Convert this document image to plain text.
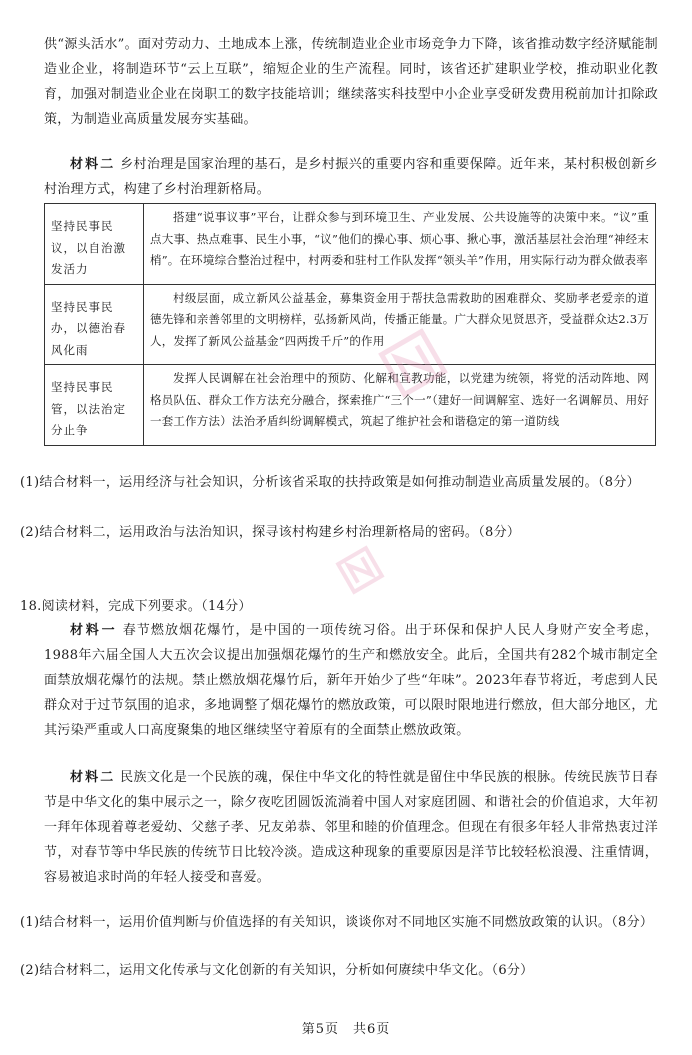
供“源头活水”。面对劳动力、土地成本上涨，传统制造业企业市场竞争力下降，该省推动数字经济赋能制造业企业，将制造环节“云上互联”，缩短企业的生产流程。同时，该省还扩建职业学校，推动职业化教育，加强对制造业企业在岗职工的数字技能培训；继续落实科技型中小企业享受研发费用税前加计扣除政策，为制造业高质量发展夯实基础。
材料二 乡村治理是国家治理的基石，是乡村振兴的重要内容和重要保障。近年来，某村积极创新乡村治理方式，构建了乡村治理新格局。
坚持民事民议，以自治激发活力	搭建“说事议事”平台，让群众参与到环境卫生、产业发展、公共设施等的决策中来。“议”重点大事、热点难事、民生小事，“议”他们的操心事、烦心事、揪心事，激活基层社会治理“神经末梢”。在环境综合整治过程中，村两委和驻村工作队发挥“领头羊”作用，用实际行动为群众做表率
坚持民事民办，以德治春风化雨	村级层面，成立新风公益基金，募集资金用于帮扶急需救助的困难群众、奖励孝老爱亲的道德先锋和亲善邻里的文明榜样，弘扬新风尚，传播正能量。广大群众见贤思齐，受益群众达2.3万人，发挥了新风公益基金“四两拨千斤”的作用
坚持民事民管，以法治定分止争	发挥人民调解在社会治理中的预防、化解和宣教功能，以党建为统领，将党的活动阵地、网格员队伍、群众工作方法充分融合，探索推广“三个一”（建好一间调解室、选好一名调解员、用好一套工作方法）法治矛盾纠纷调解模式，筑起了维护社会和谐稳定的第一道防线
(1)结合材料一，运用经济与社会知识，分析该省采取的扶持政策是如何推动制造业高质量发展的。（8分）
(2)结合材料二，运用政治与法治知识，探寻该村构建乡村治理新格局的密码。（8分）
18.阅读材料，完成下列要求。（14分）
材料一 春节燃放烟花爆竹，是中国的一项传统习俗。出于环保和保护人民人身财产安全考虑，1988年六届全国人大五次会议提出加强烟花爆竹的生产和燃放安全。此后，全国共有282个城市制定全面禁放烟花爆竹的法规。禁止燃放烟花爆竹后，新年开始少了些“年味”。2023年春节将近，考虑到人民群众对于过节氛围的追求，多地调整了烟花爆竹的燃放政策，可以限时限地进行燃放，但大部分地区，尤其污染严重或人口高度聚集的地区继续坚守着原有的全面禁止燃放政策。
材料二 民族文化是一个民族的魂，保住中华文化的特性就是留住中华民族的根脉。传统民族节日春节是中华文化的集中展示之一，除夕夜吃团圆饭流淌着中国人对家庭团圆、和谐社会的价值追求，大年初一拜年体现着尊老爱幼、父慈子孝、兄友弟恭、邻里和睦的价值理念。但现在有很多年轻人非常热衷过洋节，对春节等中华民族的传统节日比较冷淡。造成这种现象的重要原因是洋节比较轻松浪漫、注重情调，容易被追求时尚的年轻人接受和喜爱。
(1)结合材料一，运用价值判断与价值选择的有关知识，谈谈你对不同地区实施不同燃放政策的认识。（8分）
(2)结合材料二，运用文化传承与文化创新的有关知识，分析如何赓续中华文化。（6分）
第5页　共6页
